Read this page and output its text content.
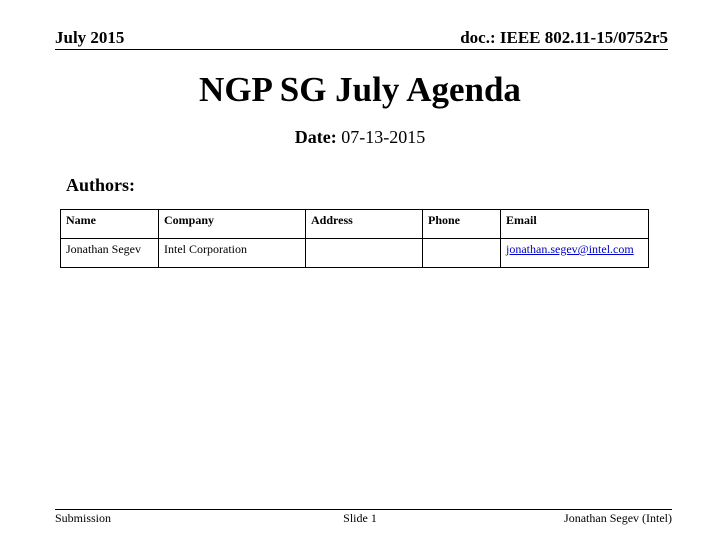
July 2015	doc.: IEEE 802.11-15/0752r5
NGP SG July Agenda
Date: 07-13-2015
Authors:
Name	Company	Address	Phone	Email
Jonathan Segev	Intel Corporation			jonathan.segev@intel.com
Submission	Slide 1	Jonathan Segev (Intel)
